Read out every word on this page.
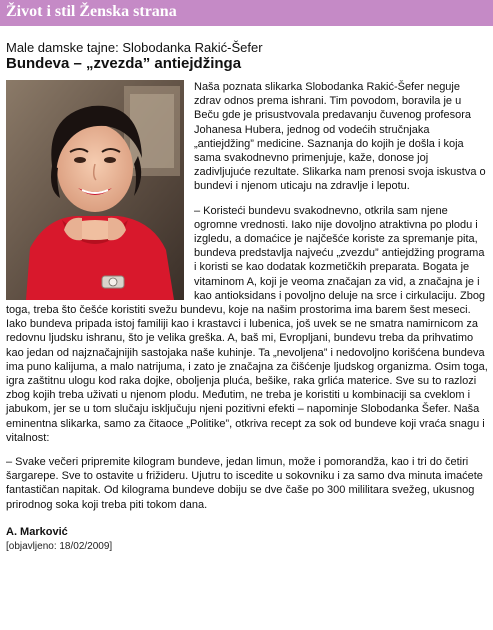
Život i stil Ženska strana

Male damske tajne: Slobodanka Rakić-Šefer

Bundeva – „zvezda” antiejdžinga

Naša poznata slikarka Slobodanka Rakić-Šefer neguje zdrav odnos prema ishrani. Tim povodom, boravila je u Beču gde je prisustvovala predavanju čuvenog profesora Johanesa Hubera, jednog od vodećih stručnjaka „antiejdžing” medicine. Saznanja do kojih je došla i koja sama svakodnevno primenjuje, kaže, donose joj zadivljujuće rezultate. Slikarka nam prenosi svoja iskustva o bundevi i njenom uticaju na zdravlje i lepotu.

– Koristeći bundevu svakodnevno, otkrila sam njene ogromne vrednosti. Iako nije dovoljno atraktivna po plodu i izgledu, a domaćice je najčešće koriste za spremanje pita, bundeva predstavlja najveću „zvezdu” antiejdžing programa i koristi se kao dodatak kozmetičkih preparata. Bogata je vitaminom A, koji je veoma značajan za vid, a značajna je i kao antioksidans i povoljno deluje na srce i cirkulaciju. Zbog toga, treba što češće koristiti svežu bundevu, koje na našim prostorima ima barem šest meseci. Iako bundeva pripada istoj familiji kao i krastavci i lubenica, još uvek se ne smatra namirnicom za redovnu ljudsku ishranu, što je velika greška. A, baš mi, Evropljani, bundevu treba da prihvatimo kao jedan od najznačajnijih sastojaka naše kuhinje. Ta „nevoljena” i nedovoljno korišćena bundeva ima puno kalijuma, a malo natrijuma, i zato je značajna za čišćenje ljudskog organizma. Osim toga, igra zaštitnu ulogu kod raka dojke, oboljenja pluća, bešike, raka grlića materice. Sve su to razlozi zbog kojih treba uživati u njenom plodu. Međutim, ne treba je koristiti u kombinaciji sa cveklom i jabukom, jer se u tom slučaju isključuju njeni pozitivni efekti – napominje Slobodanka Šefer. Naša eminentna slikarka, samo za čitaoce „Politike”, otkriva recept za sok od bundeve koji vraća snagu i vitalnost:

– Svake večeri pripremite kilogram bundeve, jedan limun, može i pomorandža, kao i tri do četiri šargarepe. Sve to ostavite u frižideru. Ujutru to iscedite u sokovniku i za samo dva minuta imaćete fantastičan napitak. Od kilograma bundeve dobiju se dve čaše po 300 mililitara svežeg, ukusnog prirodnog soka koji treba piti tokom dana.

A. Marković

[objavljeno: 18/02/2009]
